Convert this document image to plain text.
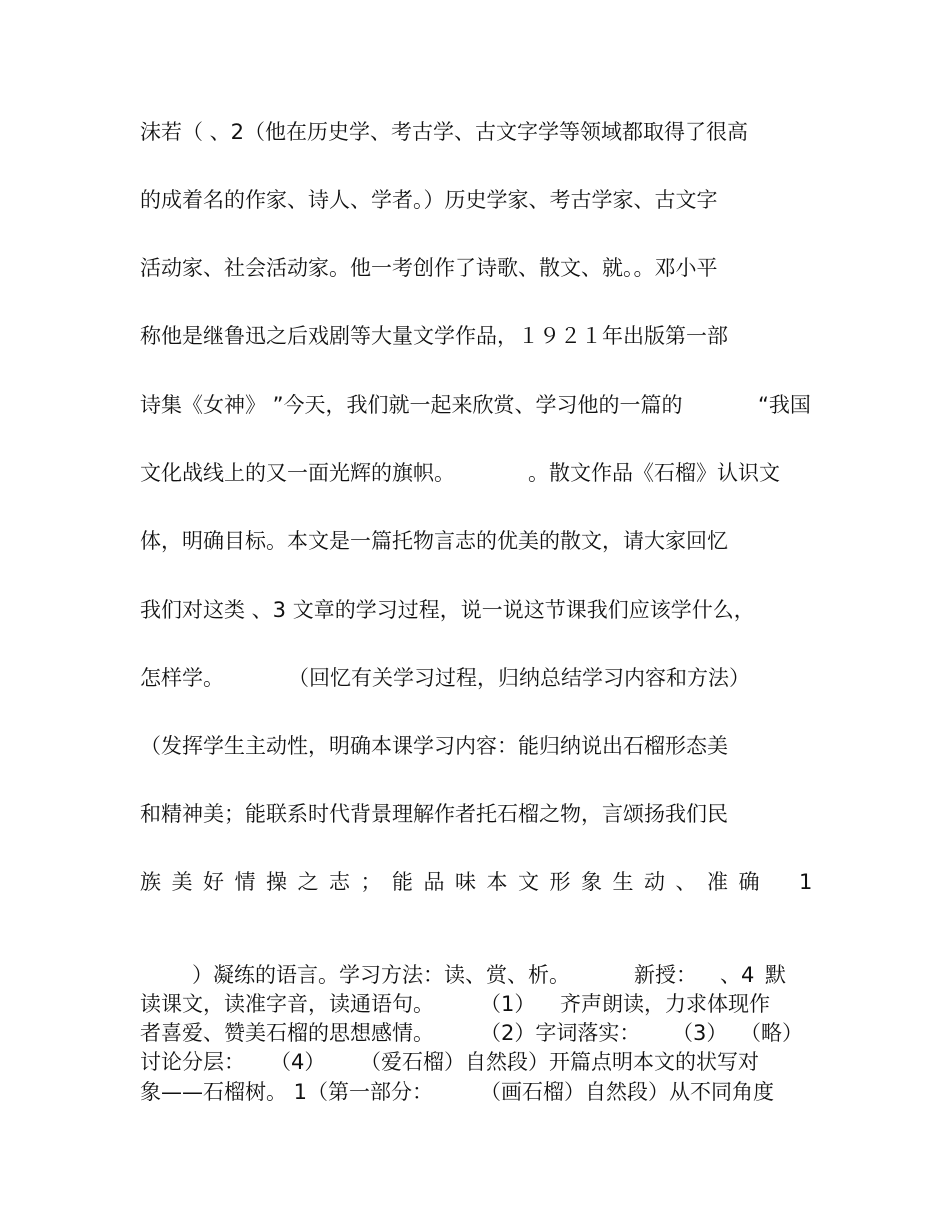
沫若（ 、2（他在历史学、考古学、古文字学等领域都取得了很高
的成着名的作家、诗人、学者。）历史学家、考古学家、古文字
活动家、社会活动家。他一考创作了诗歌、散文、就。。邓小平
称他是继鲁迅之后戏剧等大量文学作品，１９２１年出版第一部
诗集《女神》 ”今天，我们就一起来欣赏、学习他的一篇的	“我国
文化战线上的又一面光辉的旗帜。	。散文作品《石榴》认识文
体，明确目标。本文是一篇托物言志的优美的散文，请大家回忆
我们对这类 、3 文章的学习过程，说一说这节课我们应该学什么，
怎样学。	（回忆有关学习过程，归纳总结学习内容和方法）
（发挥学生主动性，明确本课学习内容：能归纳说出石榴形态美
和精神美；能联系时代背景理解作者托石榴之物，言颂扬我们民
族美好情操之志；能品味本文形象生动、准确 1
）凝练的语言。学习方法：读、赏、析。	新授： 、4 默
读课文，读准字音，读通语句。 （1） 齐声朗读，力求体现作
者喜爱、赞美石榴的思想感情。 （2）字词落实： （3） （略）
讨论分层： （4） （爱石榴）自然段）开篇点明本文的状写对
象——石榴树。 1（第一部分： （画石榴）自然段）从不同角度
